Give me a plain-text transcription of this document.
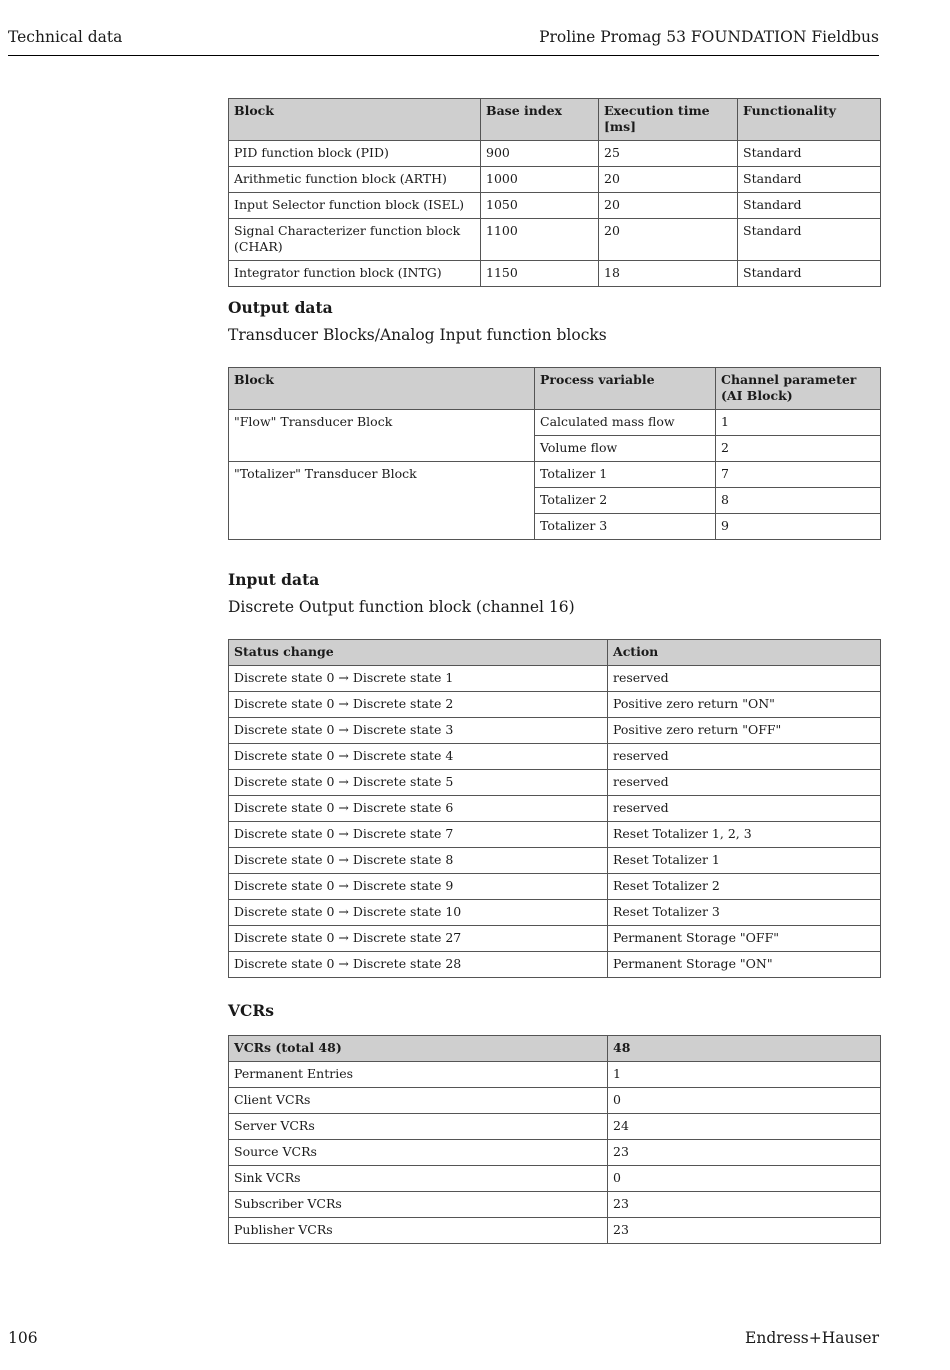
Technical data	Proline Promag 53 FOUNDATION Fieldbus
Block	Base index	Execution time [ms]	Functionality
PID function block (PID)	900	25	Standard
Arithmetic function block (ARTH)	1000	20	Standard
Input Selector function block (ISEL)	1050	20	Standard
Signal Characterizer function block (CHAR)	1100	20	Standard
Integrator function block (INTG)	1150	18	Standard
Output data
Transducer Blocks/Analog Input function blocks
Block	Process variable	Channel parameter (AI Block)
"Flow" Transducer Block	Calculated mass flow	1
	Volume flow	2
"Totalizer" Transducer Block	Totalizer 1	7
	Totalizer 2	8
	Totalizer 3	9
Input data
Discrete Output function block (channel 16)
Status change	Action
Discrete state 0 → Discrete state 1	reserved
Discrete state 0 → Discrete state 2	Positive zero return "ON"
Discrete state 0 → Discrete state 3	Positive zero return "OFF"
Discrete state 0 → Discrete state 4	reserved
Discrete state 0 → Discrete state 5	reserved
Discrete state 0 → Discrete state 6	reserved
Discrete state 0 → Discrete state 7	Reset Totalizer 1, 2, 3
Discrete state 0 → Discrete state 8	Reset Totalizer 1
Discrete state 0 → Discrete state 9	Reset Totalizer 2
Discrete state 0 → Discrete state 10	Reset Totalizer 3
Discrete state 0 → Discrete state 27	Permanent Storage "OFF"
Discrete state 0 → Discrete state 28	Permanent Storage "ON"
VCRs
VCRs (total 48)	48
Permanent Entries	1
Client VCRs	0
Server VCRs	24
Source VCRs	23
Sink VCRs	0
Subscriber VCRs	23
Publisher VCRs	23
106	Endress+Hauser
